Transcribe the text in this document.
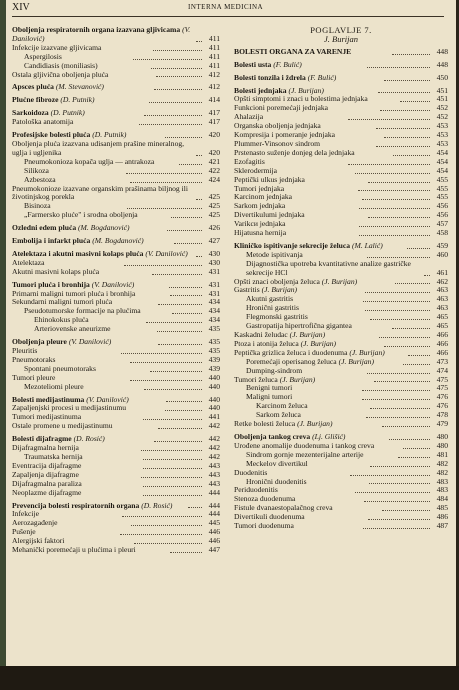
XIV	INTERNA MEDICINA
Oboljenja respiratornih organa izazvana gljivicama (V. Danilović)	411
Infekcije izazvane gljivicama	411
Aspergilosis	411
Candidiasis (moniliasis)	411
Ostala gljivična oboljenja pluća	412
Apsces pluća (M. Stevanović)	412
Plućne fibroze (D. Putnik)	414
Sarkoidoza (D. Putnik)	417
Patološka anatomija	417
Profesijske bolesti pluća (D. Putnik)	420
Oboljenja pluća izazvana udisanjem prašine mineralnog, uglja i ugljenika	420
Pneumokonioza kopača uglja — antrakoza	421
Silikoza	422
Azbestoza	424
Pneumokonioze izazvane organskim prašinama biljnog ili životinjskog porekla	425
Bisinoza	425
„Farmersko pluće" i srodna oboljenja	425
Ozledni edem pluća (M. Bogdanović)	426
Embolija i infarkt pluća (M. Bogdanović)	427
Atelektaza i akutni masivni kolaps pluća (V. Danilović)	430
Atelektaza	430
Akutni masivni kolaps pluća	431
Tumori pluća i bronhija (V. Danilović)	431
Primarni maligni tumori pluća i bronhija	431
Sekundarni maligni tumori pluća	434
Pseudotumorske formacije na plućima	434
Ehinokokus pluća	434
Arteriovenske aneurizme	435
Oboljenja pleure (V. Danilović)	435
Pleuritis	435
Pneumotoraks	439
Spontani pneumotoraks	439
Tumori pleure	440
Mezoteliomi pleure	440
Bolesti medijastinuma (V. Danilović)	440
Zapaljenjski procesi u medijastinumu	440
Tumori medijastinuma	441
Ostale promene u medijastinumu	442
Bolesti dijafragme (D. Rosić)	442
Dijafragmalna hernija	442
Traumatska hernija	442
Eventracija dijafragme	443
Zapaljenja dijafragme	443
Dijafragmalna paraliza	443
Neoplazme dijafragme	444
Prevencija bolesti respiratornih organa (D. Rosić)	444
Infekcije	444
Aerozagađenje	445
Pušenje	446
Alergijski faktori	446
Mehanički poremećaji u plućima i pleuri	447
POGLAVLJE 7.
J. Burijan
BOLESTI ORGANA ZA VARENJE	448
Bolesti usta (F. Bulić)	448
Bolesti tonzila i ždrela (F. Bulić)	450
Bolesti jednjaka (J. Burijan)	451
Opšti simptomi i znaci u bolestima jednjaka	451
Funkcioni poremećaji jednjaka	452
Ahalazija	452
Organska oboljenja jednjaka	453
Kompresija i pomeranje jednjaka	453
Plummer-Vinsonov sindrom	453
Prstenasto suženje donjeg dela jednjaka	454
Ezofagitis	454
Sklerodermija	454
Peptički ulkus jednjaka	455
Tumori jednjaka	455
Karcinom jednjaka	455
Sarkom jednjaka	456
Divertikulumi jednjaka	456
Varikси jednjaka	457
Hijatusna hernija	458
Kliničko ispitivanje sekrecije želuca (M. Lalić)	459
Metode ispitivanja	460
Dijagnostička upotreba kvantitativne analize gastričke sekrecije HCl	461
Opšti znaci oboljenja želuca (J. Burijan)	462
Gastritis (J. Burijan)	463
Akutni gastritis	463
Hronični gastritis	463
Flegmonski gastritis	465
Gastropatija hipertrofična gigantea	465
Kaskadni želudac (J. Burijan)	466
Ptoza i atonija želuca (J. Burijan)	466
Peptička grizlica želuca i duodenuma (J. Burijan)	466
Poremećaji operisanog želuca (J. Burijan)	473
Dumping-sindrom	474
Tumori želuca (J. Burijan)	475
Benigni tumori	475
Maligni tumori	476
Karcinom želuca	476
Sarkom želuca	478
Retke bolesti želuca (J. Burijan)	479
Oboljenja tankog creva (Lj. Glišić)	480
Urođene anomalije duodenuma i tankog creva	480
Sindrom gornje mezenterijalne arterije	481
Meckelov divertikul	482
Duodenitis	482
Hronični duodenitis	483
Periduodenitis	483
Stenoza duodenuma	484
Fistule dvanaestopalačnog creva	485
Divertikuli duodenuma	486
Tumori duodenuma	487
